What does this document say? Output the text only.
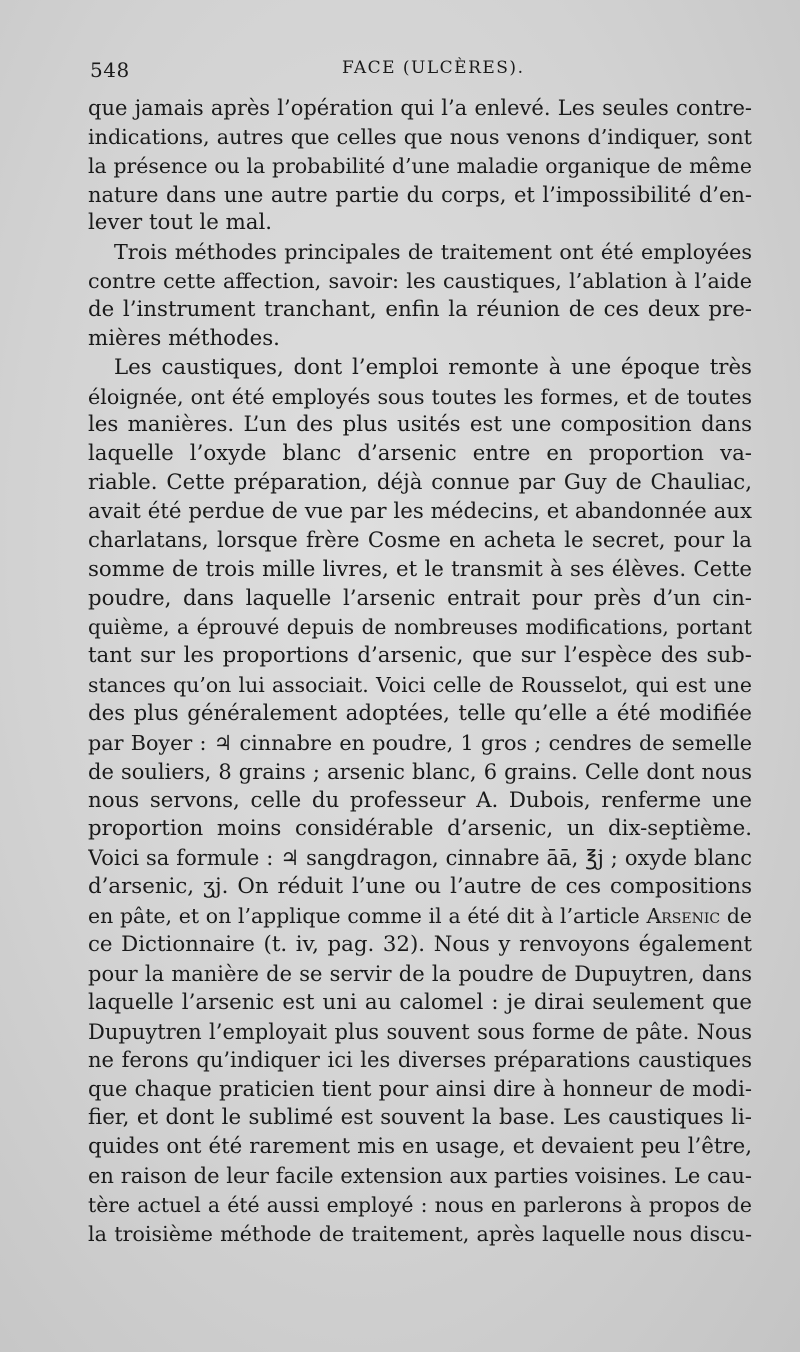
548	FACE (ULCÈRES).
que jamais après l’opération qui l’a enlevé. Les seules contre-
indications, autres que celles que nous venons d’indiquer, sont
la présence ou la probabilité d’une maladie organique de même
nature dans une autre partie du corps, et l’impossibilité d’en-
lever tout le mal.
Trois méthodes principales de traitement ont été employées
contre cette affection, savoir: les caustiques, l’ablation à l’aide
de l’instrument tranchant, enfin la réunion de ces deux pre-
mières méthodes.
Les caustiques, dont l’emploi remonte à une époque très
éloignée, ont été employés sous toutes les formes, et de toutes
les manières. L’un des plus usités est une composition dans
laquelle l’oxyde blanc d’arsenic entre en proportion va-
riable. Cette préparation, déjà connue par Guy de Chauliac,
avait été perdue de vue par les médecins, et abandonnée aux
charlatans, lorsque frère Cosme en acheta le secret, pour la
somme de trois mille livres, et le transmit à ses élèves. Cette
poudre, dans laquelle l’arsenic entrait pour près d’un cin-
quième, a éprouvé depuis de nombreuses modifications, portant
tant sur les proportions d’arsenic, que sur l’espèce des sub-
stances qu’on lui associait. Voici celle de Rousselot, qui est une
des plus généralement adoptées, telle qu’elle a été modifiée
par Boyer : ♃ cinnabre en poudre, 1 gros ; cendres de semelle
de souliers, 8 grains ; arsenic blanc, 6 grains. Celle dont nous
nous servons, celle du professeur A. Dubois, renferme une
proportion moins considérable d’arsenic, un dix-septième.
Voici sa formule : ♃ sangdragon, cinnabre āā, ℥j ; oxyde blanc
d’arsenic, ʒj. On réduit l’une ou l’autre de ces compositions
en pâte, et on l’applique comme il a été dit à l’article Arsenic de
ce Dictionnaire (t. iv, pag. 32). Nous y renvoyons également
pour la manière de se servir de la poudre de Dupuytren, dans
laquelle l’arsenic est uni au calomel : je dirai seulement que
Dupuytren l’employait plus souvent sous forme de pâte. Nous
ne ferons qu’indiquer ici les diverses préparations caustiques
que chaque praticien tient pour ainsi dire à honneur de modi-
fier, et dont le sublimé est souvent la base. Les caustiques li-
quides ont été rarement mis en usage, et devaient peu l’être,
en raison de leur facile extension aux parties voisines. Le cau-
tère actuel a été aussi employé : nous en parlerons à propos de
la troisième méthode de traitement, après laquelle nous discu-
